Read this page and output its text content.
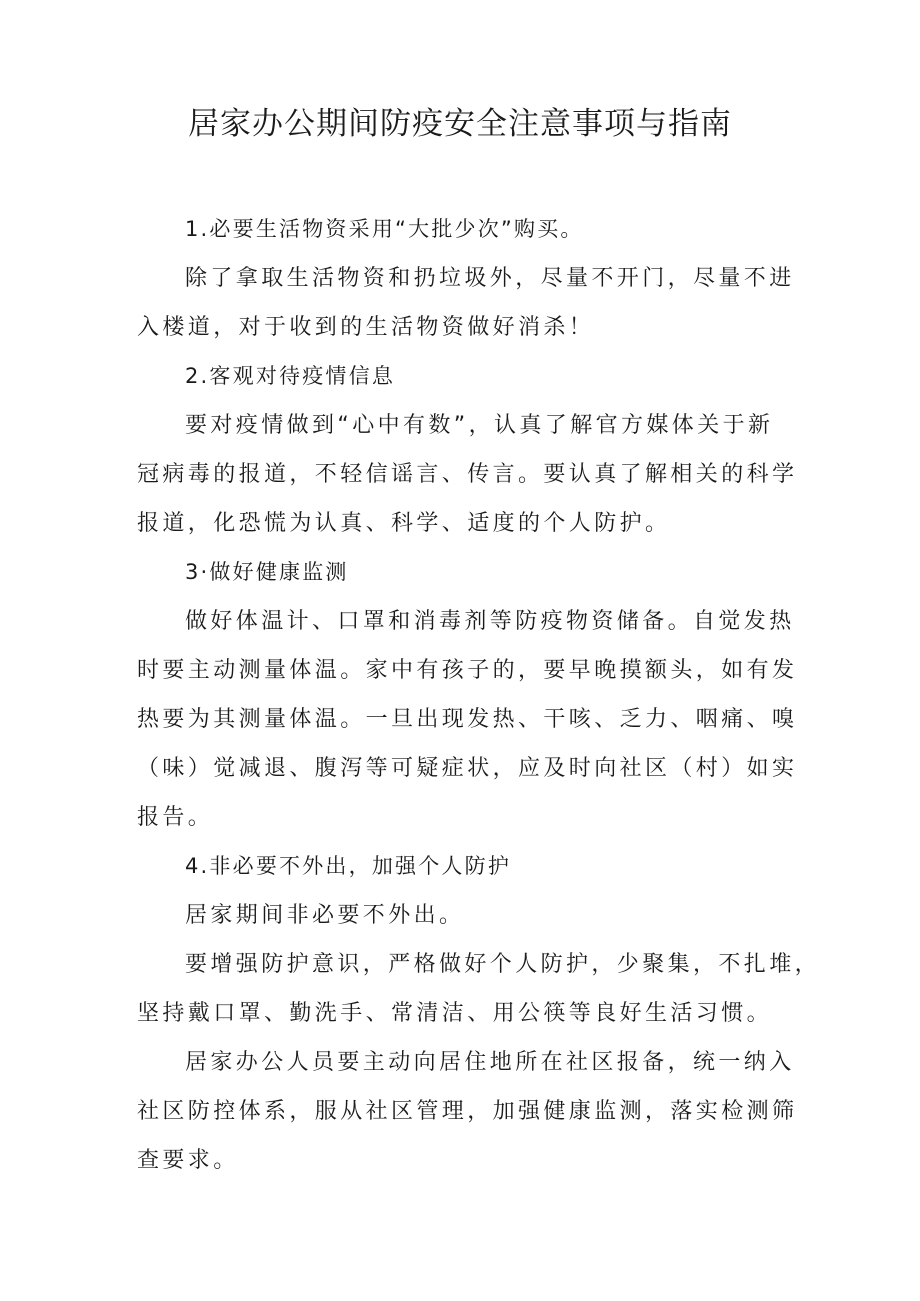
居家办公期间防疫安全注意事项与指南
1.必要生活物资采用“大批少次”购买。
除了拿取生活物资和扔垃圾外，尽量不开门，尽量不进
入楼道，对于收到的生活物资做好消杀！
2.客观对待疫情信息
要对疫情做到“心中有数”，认真了解官方媒体关于新
冠病毒的报道，不轻信谣言、传言。要认真了解相关的科学
报道，化恐慌为认真、科学、适度的个人防护。
3·做好健康监测
做好体温计、口罩和消毒剂等防疫物资储备。自觉发热
时要主动测量体温。家中有孩子的，要早晚摸额头，如有发
热要为其测量体温。一旦出现发热、干咳、乏力、咽痛、嗅
（味）觉减退、腹泻等可疑症状，应及时向社区（村）如实
报告。
4.非必要不外出，加强个人防护
居家期间非必要不外出。
要增强防护意识，严格做好个人防护，少聚集，不扎堆，
坚持戴口罩、勤洗手、常清洁、用公筷等良好生活习惯。
居家办公人员要主动向居住地所在社区报备，统一纳入
社区防控体系，服从社区管理，加强健康监测，落实检测筛
查要求。
